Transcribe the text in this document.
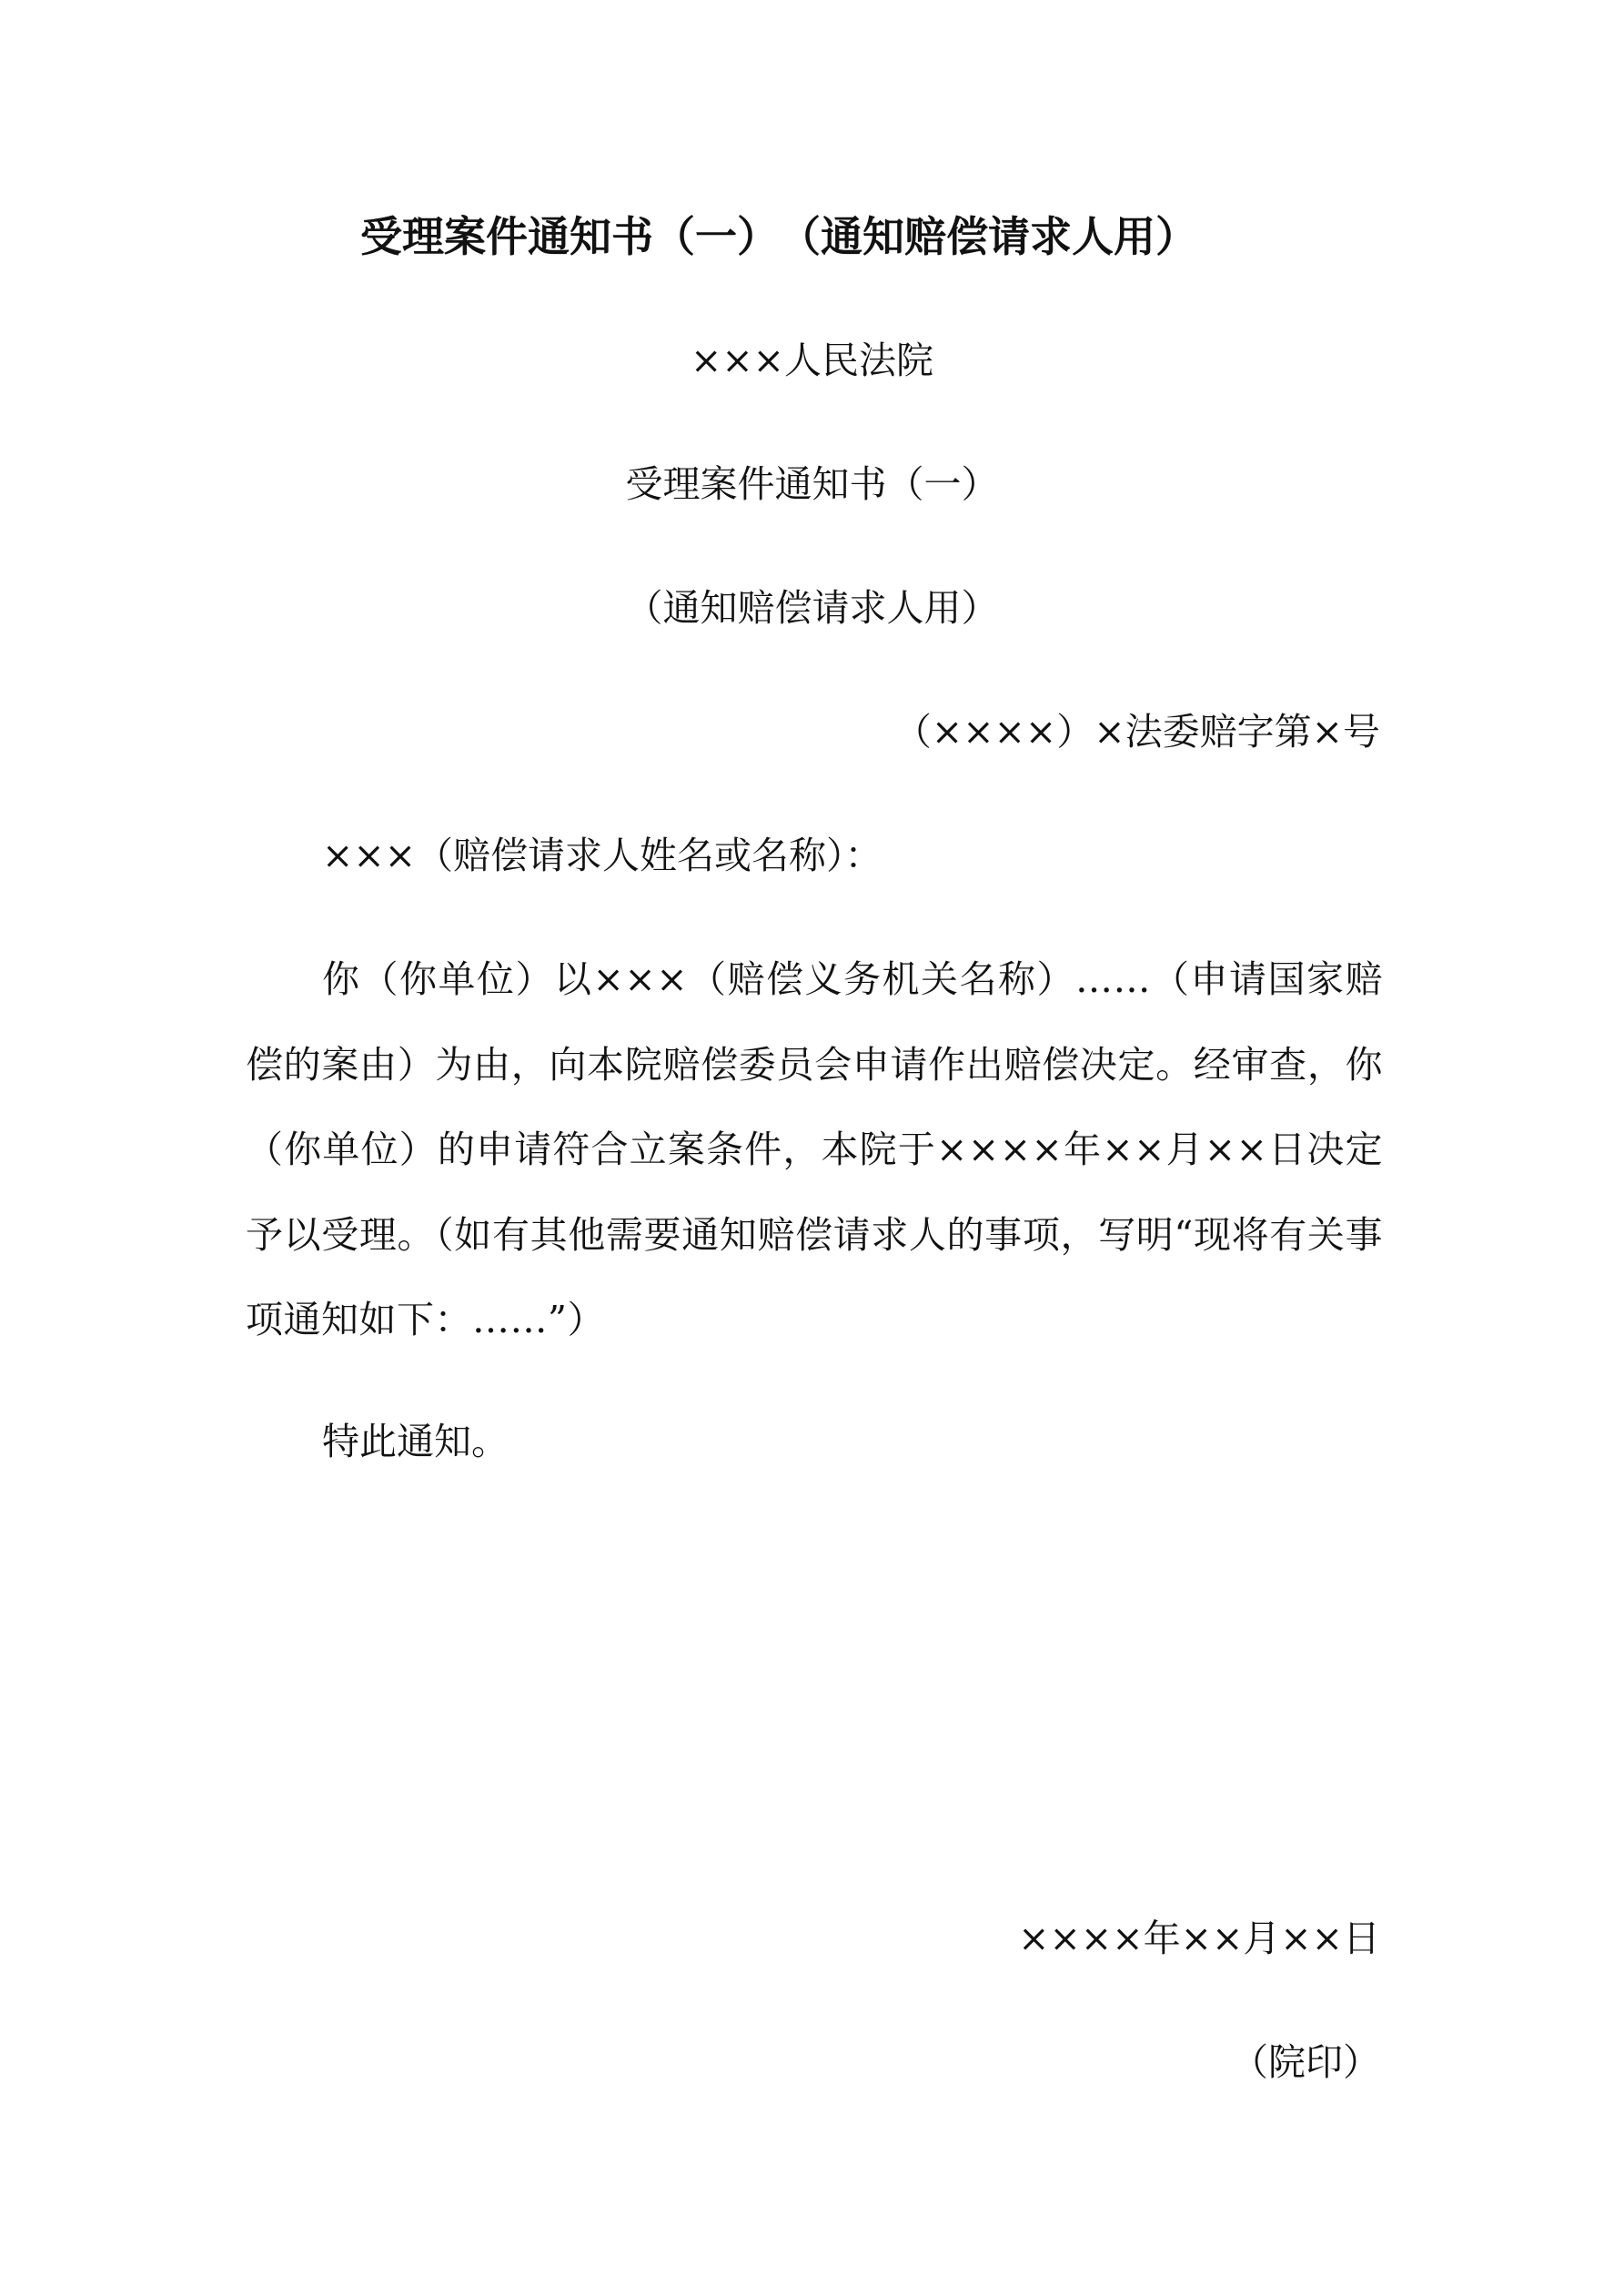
受理案件通知书（一）　（通知赔偿请求人用）
×××人民法院
受理案件通知书（一）
（通知赔偿请求人用）
（××××）×法委赔字第×号
×××（赔偿请求人姓名或名称）：
你（你单位）以×××（赔偿义务机关名称）……（申请国家赔偿的案由）为由，向本院赔偿委员会申请作出赔偿决定。经审查，你（你单位）的申请符合立案条件，本院于××××年××月××日决定予以受理。（如有其他需要通知赔偿请求人的事项，写明“现将有关事项通知如下：……”）
特此通知。
××××年××月××日
（院印）
